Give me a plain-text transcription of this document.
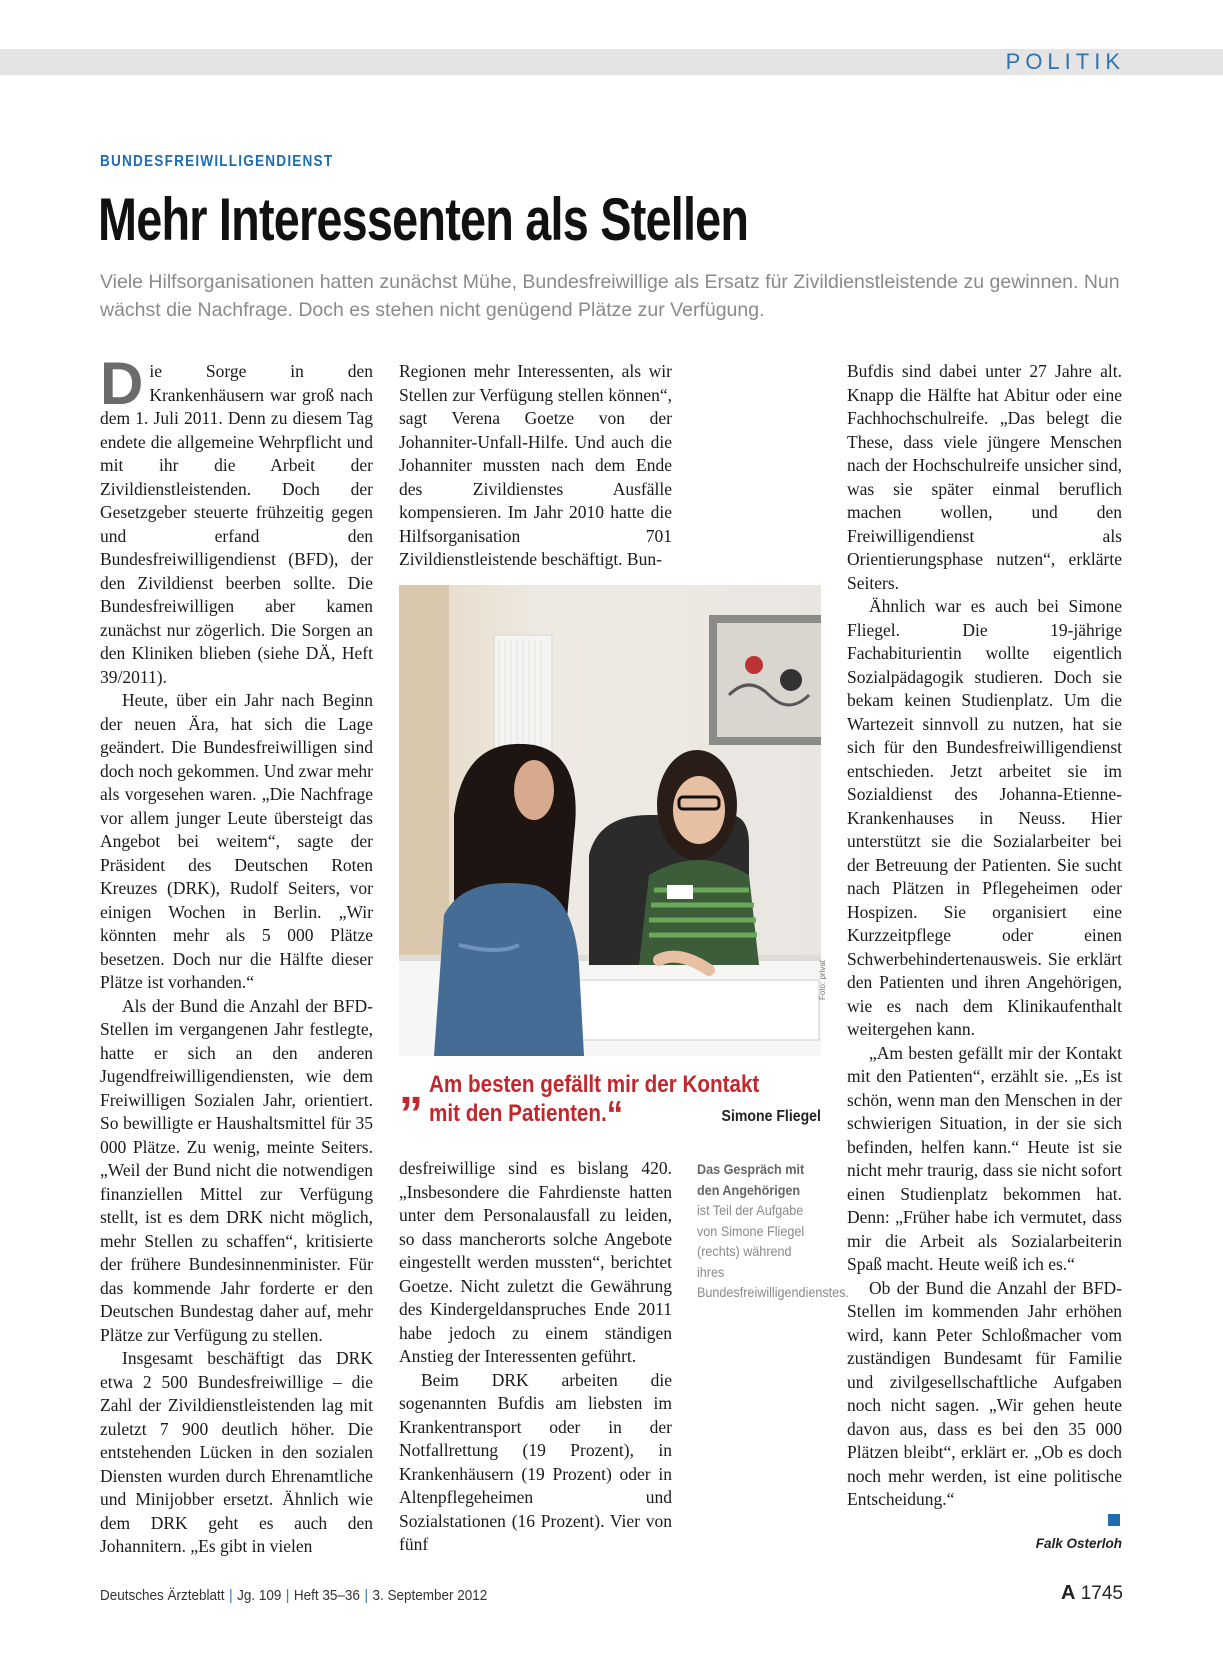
POLITIK
BUNDESFREIWILLIGENDIENST
Mehr Interessenten als Stellen
Viele Hilfsorganisationen hatten zunächst Mühe, Bundesfreiwillige als Ersatz für Zivildienstleistende zu gewinnen. Nun wächst die Nachfrage. Doch es stehen nicht genügend Plätze zur Verfügung.

Die Sorge in den Krankenhäusern war groß nach dem 1. Juli 2011. Denn zu diesem Tag endete die allgemeine Wehrpflicht und mit ihr die Arbeit der Zivildienstleistenden. Doch der Gesetzgeber steuerte frühzeitig gegen und erfand den Bundesfreiwilligendienst (BFD), der den Zivildienst beerben sollte. Die Bundesfreiwilligen aber kamen zunächst nur zögerlich. Die Sorgen an den Kliniken blieben (siehe DÄ, Heft 39/2011).

Heute, über ein Jahr nach Beginn der neuen Ära, hat sich die Lage geändert. Die Bundesfreiwilligen sind doch noch gekommen. Und zwar mehr als vorgesehen waren. „Die Nachfrage vor allem junger Leute übersteigt das Angebot bei weitem“, sagte der Präsident des Deutschen Roten Kreuzes (DRK), Rudolf Seiters, vor einigen Wochen in Berlin. „Wir könnten mehr als 5 000 Plätze besetzen. Doch nur die Hälfte dieser Plätze ist vorhanden.“

Als der Bund die Anzahl der BFD-Stellen im vergangenen Jahr festlegte, hatte er sich an den anderen Jugendfreiwilligendiensten, wie dem Freiwilligen Sozialen Jahr, orientiert. So bewilligte er Haushaltsmittel für 35 000 Plätze. Zu wenig, meinte Seiters. „Weil der Bund nicht die notwendigen finanziellen Mittel zur Verfügung stellt, ist es dem DRK nicht möglich, mehr Stellen zu schaffen“, kritisierte der frühere Bundesinnenminister. Für das kommende Jahr forderte er den Deutschen Bundestag daher auf, mehr Plätze zur Verfügung zu stellen.

Insgesamt beschäftigt das DRK etwa 2 500 Bundesfreiwillige – die Zahl der Zivildienstleistenden lag mit zuletzt 7 900 deutlich höher. Die entstehenden Lücken in den sozialen Diensten wurden durch Ehrenamtliche und Minijobber ersetzt. Ähnlich wie dem DRK geht es auch den Johannitern. „Es gibt in vielen

Regionen mehr Interessenten, als wir Stellen zur Verfügung stellen können“, sagt Verena Goetze von der Johanniter-Unfall-Hilfe. Und auch die Johanniter mussten nach dem Ende des Zivildienstes Ausfälle kompensieren. Im Jahr 2010 hatte die Hilfsorganisation 701 Zivildienstleistende beschäftigt. Bun-

Foto: privat
„ Am besten gefällt mir der Kontakt
mit den Patienten.“	Simone Fliegel

desfreiwillige sind es bislang 420. „Insbesondere die Fahrdienste hatten unter dem Personalausfall zu leiden, so dass mancherorts solche Angebote eingestellt werden mussten“, berichtet Goetze. Nicht zuletzt die Gewährung des Kindergeldanspruches Ende 2011 habe jedoch zu einem ständigen Anstieg der Interessenten geführt.

Beim DRK arbeiten die sogenannten Bufdis am liebsten im Krankentransport oder in der Notfallrettung (19 Prozent), in Krankenhäusern (19 Prozent) oder in Altenpflegeheimen und Sozialstationen (16 Prozent). Vier von fünf

Das Gespräch mit den Angehörigen ist Teil der Aufgabe von Simone Fliegel (rechts) während ihres Bundesfreiwilligendienstes.

Bufdis sind dabei unter 27 Jahre alt. Knapp die Hälfte hat Abitur oder eine Fachhochschulreife. „Das belegt die These, dass viele jüngere Menschen nach der Hochschulreife unsicher sind, was sie später einmal beruflich machen wollen, und den Freiwilligendienst als Orientierungsphase nutzen“, erklärte Seiters.

Ähnlich war es auch bei Simone Fliegel. Die 19-jährige Fachabiturientin wollte eigentlich Sozialpädagogik studieren. Doch sie bekam keinen Studienplatz. Um die Wartezeit sinnvoll zu nutzen, hat sie sich für den Bundesfreiwilligendienst entschieden. Jetzt arbeitet sie im Sozialdienst des Johanna-Etienne-Krankenhauses in Neuss. Hier unterstützt sie die Sozialarbeiter bei der Betreuung der Patienten. Sie sucht nach Plätzen in Pflegeheimen oder Hospizen. Sie organisiert eine Kurzzeitpflege oder einen Schwerbehindertenausweis. Sie erklärt den Patienten und ihren Angehörigen, wie es nach dem Klinikaufenthalt weitergehen kann.

„Am besten gefällt mir der Kontakt mit den Patienten“, erzählt sie. „Es ist schön, wenn man den Menschen in der schwierigen Situation, in der sie sich befinden, helfen kann.“ Heute ist sie nicht mehr traurig, dass sie nicht sofort einen Studienplatz bekommen hat. Denn: „Früher habe ich vermutet, dass mir die Arbeit als Sozialarbeiterin Spaß macht. Heute weiß ich es.“

Ob der Bund die Anzahl der BFD-Stellen im kommenden Jahr erhöhen wird, kann Peter Schloßmacher vom zuständigen Bundesamt für Familie und zivilgesellschaftliche Aufgaben noch nicht sagen. „Wir gehen heute davon aus, dass es bei den 35 000 Plätzen bleibt“, erklärt er. „Ob es doch noch mehr werden, ist eine politische Entscheidung.“

Falk Osterloh
Deutsches Ärzteblatt | Jg. 109 | Heft 35–36 | 3. September 2012	A 1745
